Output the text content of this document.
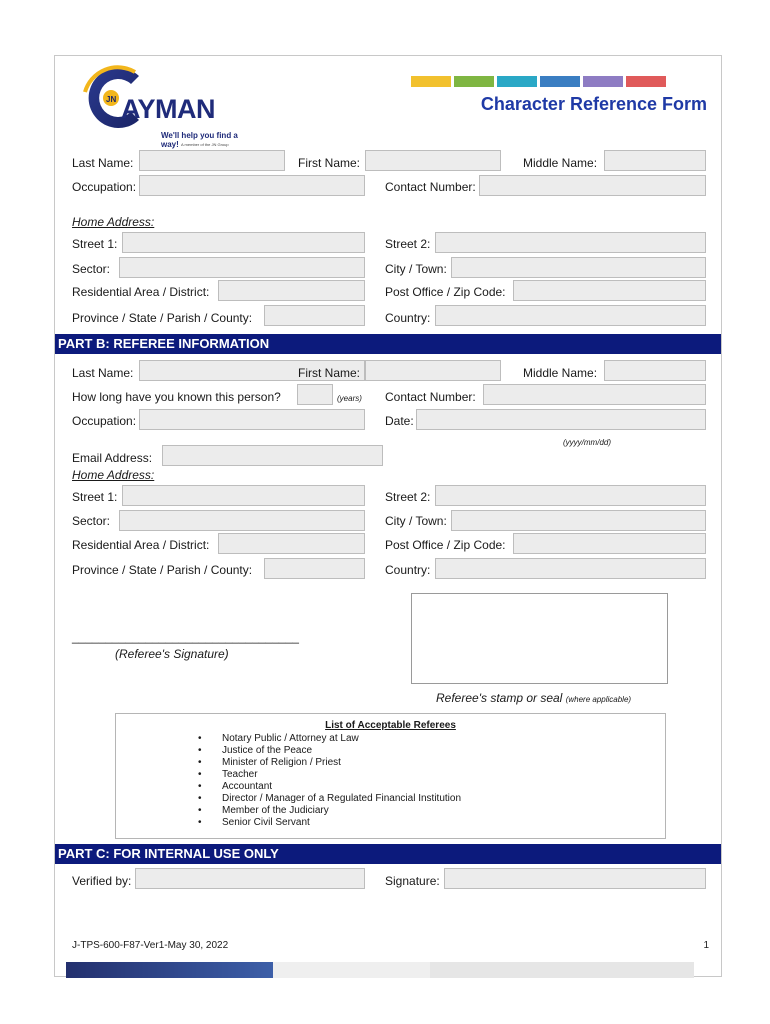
JN AYMAN
We'll help you find a way! A member of the JN Group
Character Reference Form
Last Name:	First Name:	Middle Name:
Occupation:	Contact Number:
Home Address:
Street 1:	Street 2:
Sector:	City / Town:
Residential Area / District:	Post Office / Zip Code:
Province / State / Parish / County:	Country:
PART B: REFEREE INFORMATION
Last Name:	First Name:	Middle Name:
How long have you known this person?	(years) Contact Number:
Occupation:	Date:
(yyyy/mm/dd)
Email Address:
Home Address:
Street 1:	Street 2:
Sector:	City / Town:
Residential Area / District:	Post Office / Zip Code:
Province / State / Parish / County:	Country:
__________________________________
(Referee's Signature)
Referee's stamp or seal (where applicable)
List of Acceptable Referees
• Notary Public / Attorney at Law
• Justice of the Peace
• Minister of Religion / Priest
• Teacher
• Accountant
• Director / Manager of a Regulated Financial Institution
• Member of the Judiciary
• Senior Civil Servant
PART C: FOR INTERNAL USE ONLY
Verified by:	Signature:
J-TPS-600-F87-Ver1-May 30, 2022	1
